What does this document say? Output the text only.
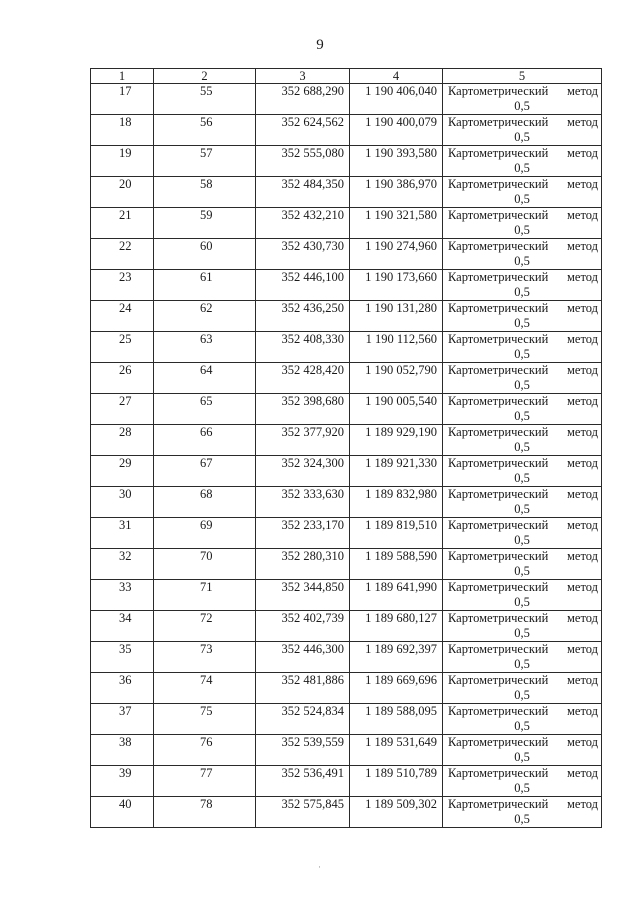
9
1	2	3	4	5
17	55	352 688,290	1 190 406,040	Картометрический метод
0,5

18	56	352 624,562	1 190 400,079	Картометрический метод
0,5

19	57	352 555,080	1 190 393,580	Картометрический метод
0,5

20	58	352 484,350	1 190 386,970	Картометрический метод
0,5

21	59	352 432,210	1 190 321,580	Картометрический метод
0,5

22	60	352 430,730	1 190 274,960	Картометрический метод
0,5

23	61	352 446,100	1 190 173,660	Картометрический метод
0,5

24	62	352 436,250	1 190 131,280	Картометрический метод
0,5

25	63	352 408,330	1 190 112,560	Картометрический метод
0,5

26	64	352 428,420	1 190 052,790	Картометрический метод
0,5

27	65	352 398,680	1 190 005,540	Картометрический метод
0,5

28	66	352 377,920	1 189 929,190	Картометрический метод
0,5

29	67	352 324,300	1 189 921,330	Картометрический метод
0,5

30	68	352 333,630	1 189 832,980	Картометрический метод
0,5

31	69	352 233,170	1 189 819,510	Картометрический метод
0,5

32	70	352 280,310	1 189 588,590	Картометрический метод
0,5

33	71	352 344,850	1 189 641,990	Картометрический метод
0,5

34	72	352 402,739	1 189 680,127	Картометрический метод
0,5

35	73	352 446,300	1 189 692,397	Картометрический метод
0,5

36	74	352 481,886	1 189 669,696	Картометрический метод
0,5

37	75	352 524,834	1 189 588,095	Картометрический метод
0,5

38	76	352 539,559	1 189 531,649	Картометрический метод
0,5

39	77	352 536,491	1 189 510,789	Картометрический метод
0,5

40	78	352 575,845	1 189 509,302	Картометрический метод
0,5
·
